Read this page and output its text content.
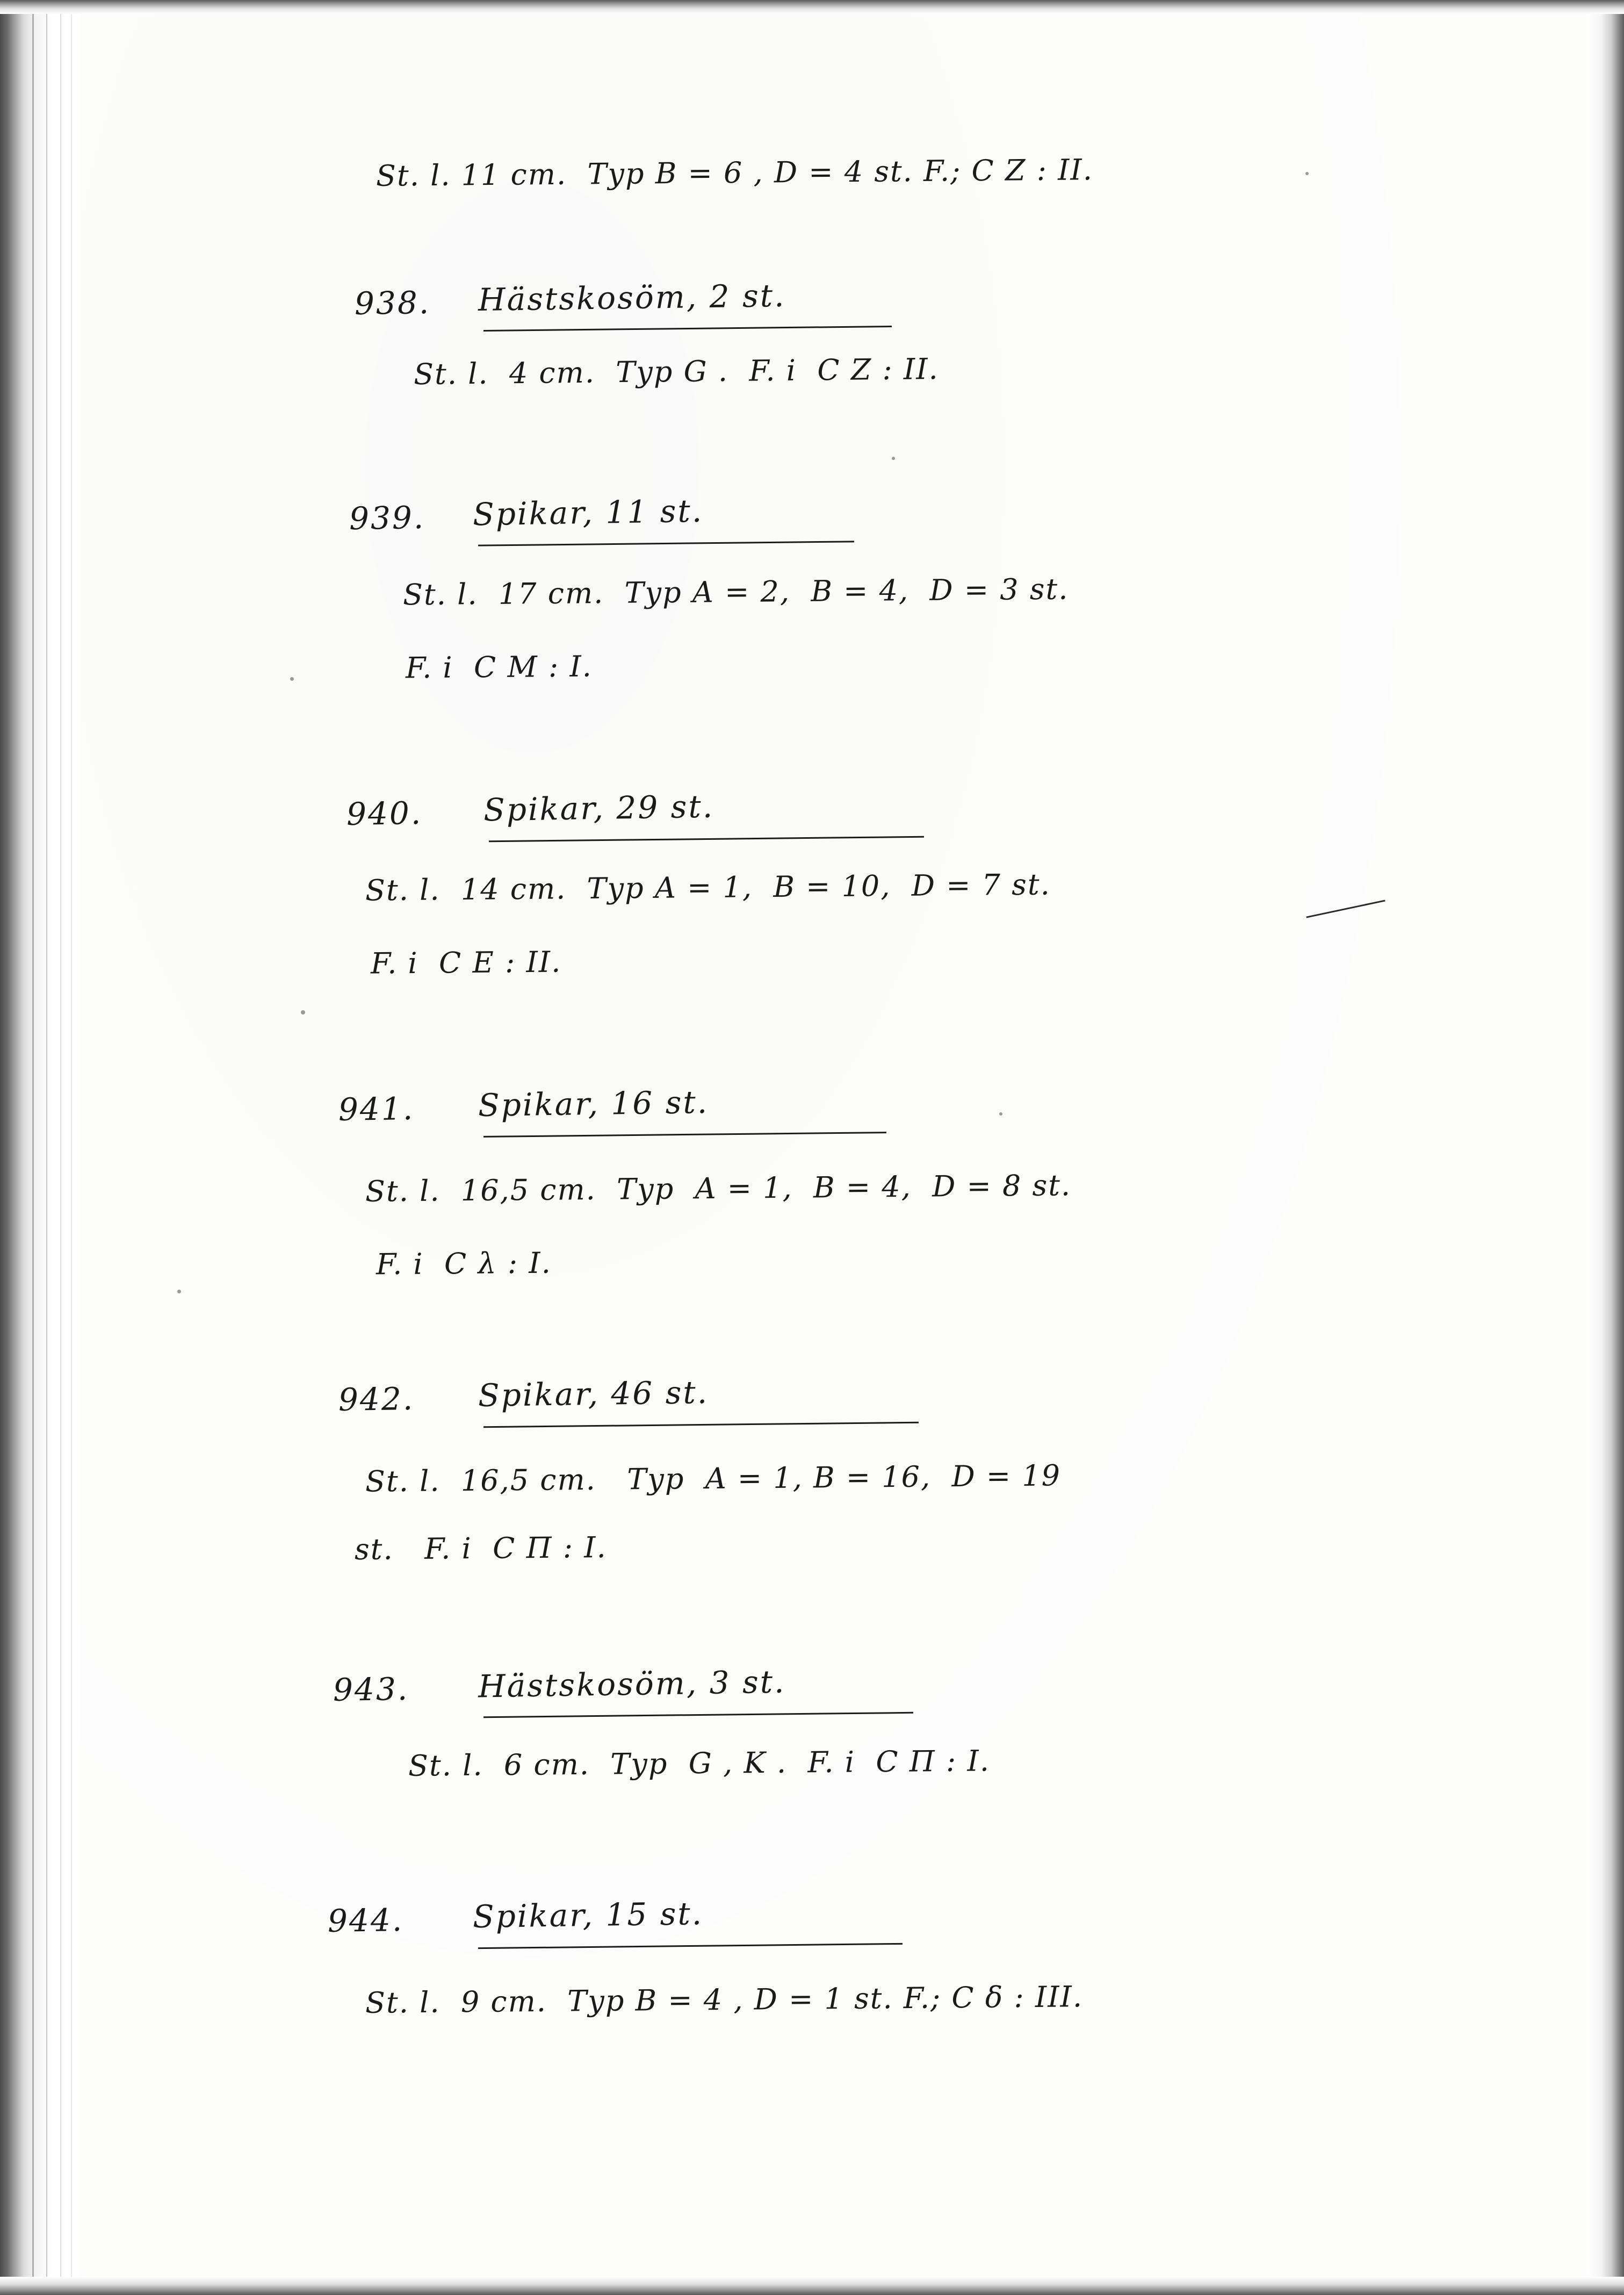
St. l. 11 cm.  Typ B = 6 , D = 4 st. F.; C Z : II.
938. Hästskosöm, 2 st.
St. l.  4 cm.  Typ G .  F. i  C Z : II.
939. Spikar, 11 st.
St. l.  17 cm.  Typ A = 2,  B = 4,  D = 3 st.
F. i  C M : I.
940. Spikar, 29 st.
St. l.  14 cm.  Typ A = 1,  B = 10,  D = 7 st.
F. i  C E : II.
941. Spikar, 16 st.
St. l.  16,5 cm.  Typ  A = 1,  B = 4,  D = 8 st.
F. i  C λ : I.
942. Spikar, 46 st.
St. l.  16,5 cm.   Typ  A = 1, B = 16,  D = 19
st.   F. i  C П : I.
943. Hästskosöm, 3 st.
St. l.  6 cm.  Typ  G , K .  F. i  C П : I.
944. Spikar, 15 st.
St. l.  9 cm.  Typ B = 4 , D = 1 st. F.; C δ : III.
